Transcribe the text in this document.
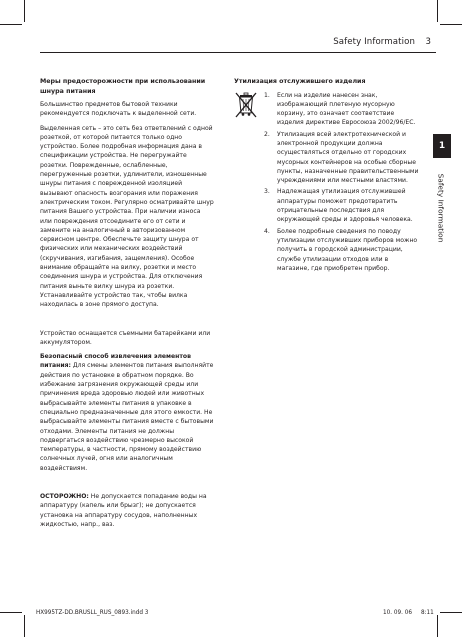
Safety Information 3
Меры предосторожности при использовании шнура питания
Большинство предметов бытовой техники рекомендуется подключать к выделенной сети.
Выделенная сеть – это сеть без ответвлений с одной розеткой, от которой питается только одно устройство. Более подробная информация дана в спецификации устройства. Не перегружайте розетки. Поврежденные, ослабленные, перегруженные розетки, удлинители, изношенные шнуры питания с поврежденной изоляцией вызывают опасность возгорания или поражения электрическим током. Регулярно осматривайте шнур питания Вашего устройства. При наличии износа или повреждения отсоедините его от сети и замените на аналогичный в авторизованном сервисном центре. Обеспечьте защиту шнура от физических или механических воздействий (скручивания, изгибания, защемления). Особое внимание обращайте на вилку, розетки и место соединения шнура и устройства. Для отключения питания выньте вилку шнура из розетки. Устанавливайте устройство так, чтобы вилка находилась в зоне прямого доступа.
Устройство оснащается съемными батарейками или аккумулятором.
Безопасный способ извлечения элементов питания: Для смены элементов питания выполняйте действия по установке в обратном порядке. Во избежание загрязнения окружающей среды или причинения вреда здоровью людей или животных выбрасывайте элементы питания в упаковке в специально предназначенные для этого емкости. Не выбрасывайте элементы питания вместе с бытовыми отходами. Элементы питания не должны подвергаться воздействию чрезмерно высокой температуры, в частности, прямому воздействию солнечных лучей, огня или аналогичным воздействиям.
ОСТОРОЖНО: Не допускается попадание воды на аппаратуру (капель или брызг); не допускается установка на аппаратуру сосудов, наполненных жидкостью, напр., ваз.
Утилизация отслужившего изделия
1. Если на изделие нанесен знак, изображающий плетеную мусорную корзину, это означает соответствие изделия директиве Евросоюза 2002/96/EC.
2. Утилизация всей электротехнической и электронной продукции должна осуществляться отдельно от городских мусорных контейнеров на особые сборные пункты, назначенные правительственными учреждениями или местными властями.
3. Надлежащая утилизация отслужившей аппаратуры поможет предотвратить отрицательные последствия для окружающей среды и здоровья человека.
4. Более подробные сведения по поводу утилизации отслуживших приборов можно получить в городской администрации, службе утилизации отходов или в магазине, где приобретен прибор.
1
Safety Information
HX995TZ-DD.BRUSLL_RUS_0893.indd 3	10. 09. 06 8:11
